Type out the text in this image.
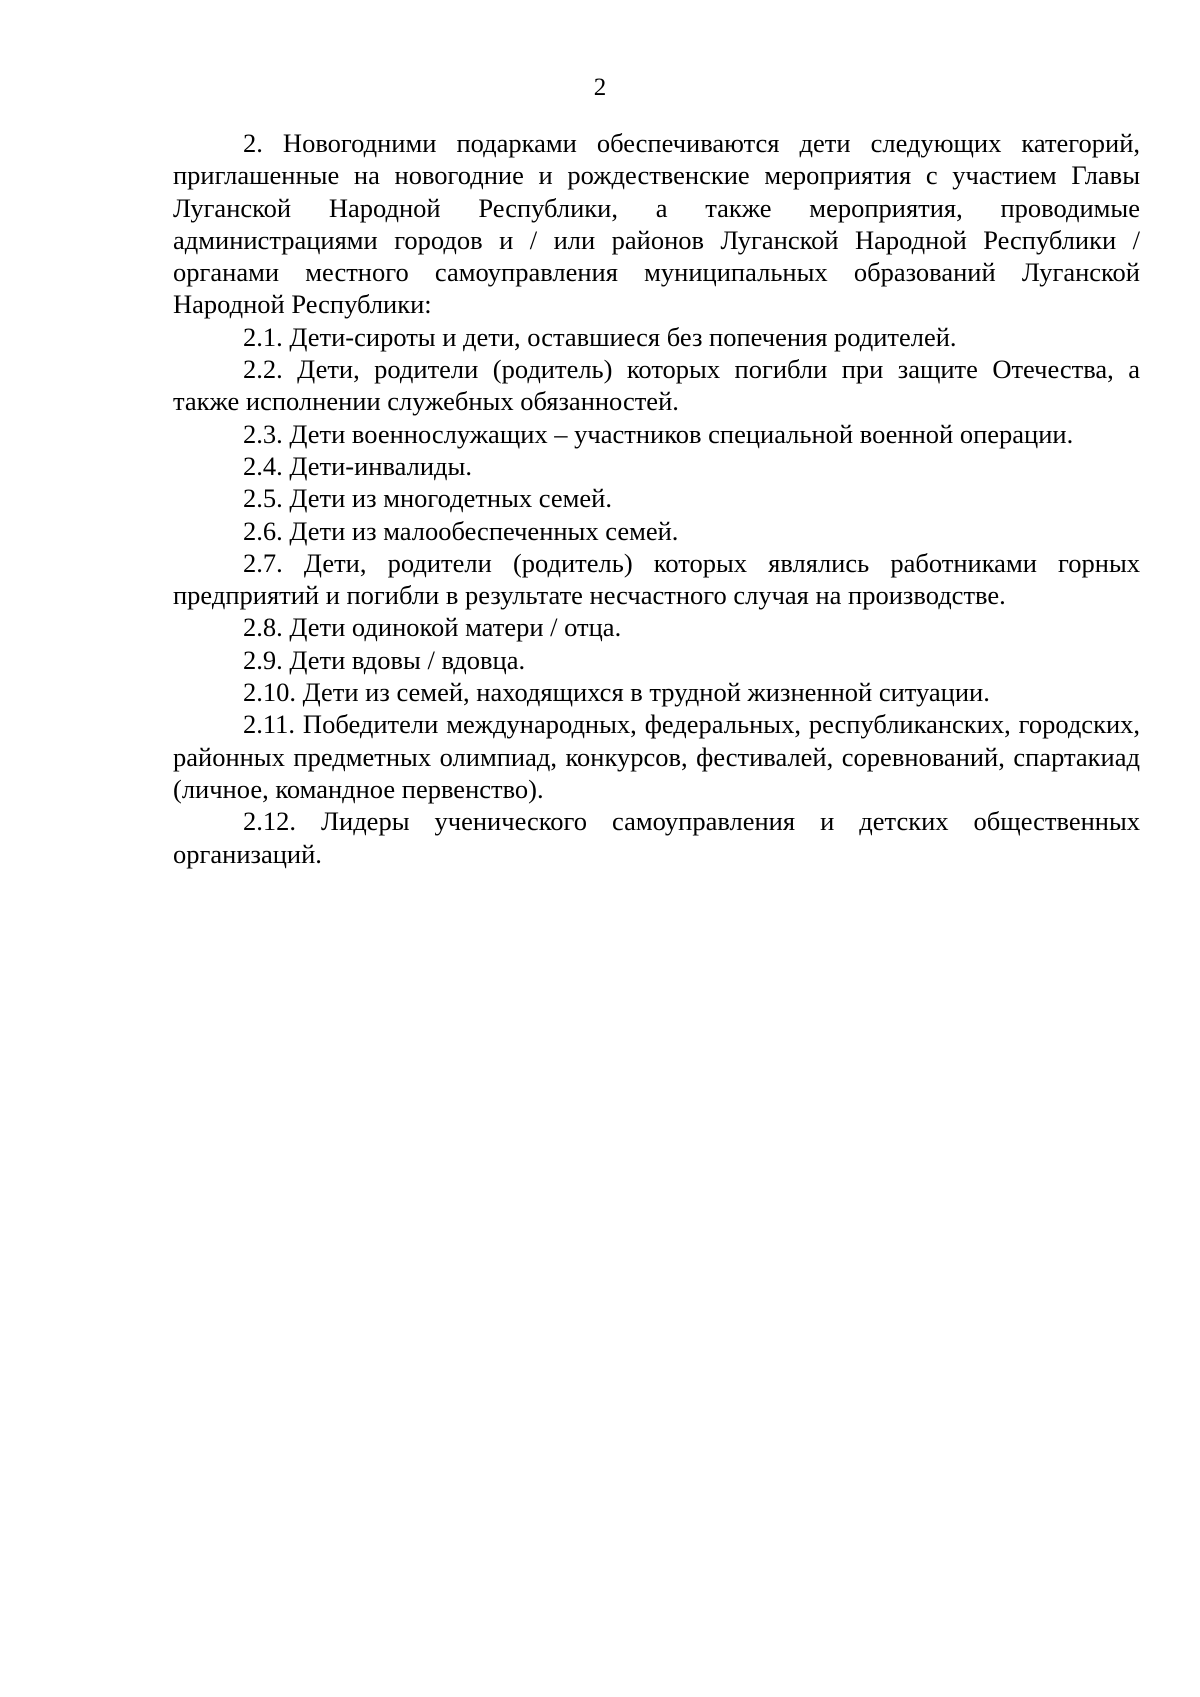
2

2. Новогодними подарками обеспечиваются дети следующих категорий, приглашенные на новогодние и рождественские мероприятия с участием Главы Луганской Народной Республики, а также мероприятия, проводимые администрациями городов и / или районов Луганской Народной Республики / органами местного самоуправления муниципальных образований Луганской Народной Республики:

2.1. Дети-сироты и дети, оставшиеся без попечения родителей.

2.2. Дети, родители (родитель) которых погибли при защите Отечества, а также исполнении служебных обязанностей.

2.3. Дети военнослужащих – участников специальной военной операции.

2.4. Дети-инвалиды.

2.5. Дети из многодетных семей.

2.6. Дети из малообеспеченных семей.

2.7. Дети, родители (родитель) которых являлись работниками горных предприятий и погибли в результате несчастного случая на производстве.

2.8. Дети одинокой матери / отца.

2.9. Дети вдовы / вдовца.

2.10. Дети из семей, находящихся в трудной жизненной ситуации.

2.11. Победители международных, федеральных, республиканских, городских, районных предметных олимпиад, конкурсов, фестивалей, соревнований, спартакиад (личное, командное первенство).

2.12. Лидеры ученического самоуправления и детских общественных организаций.
